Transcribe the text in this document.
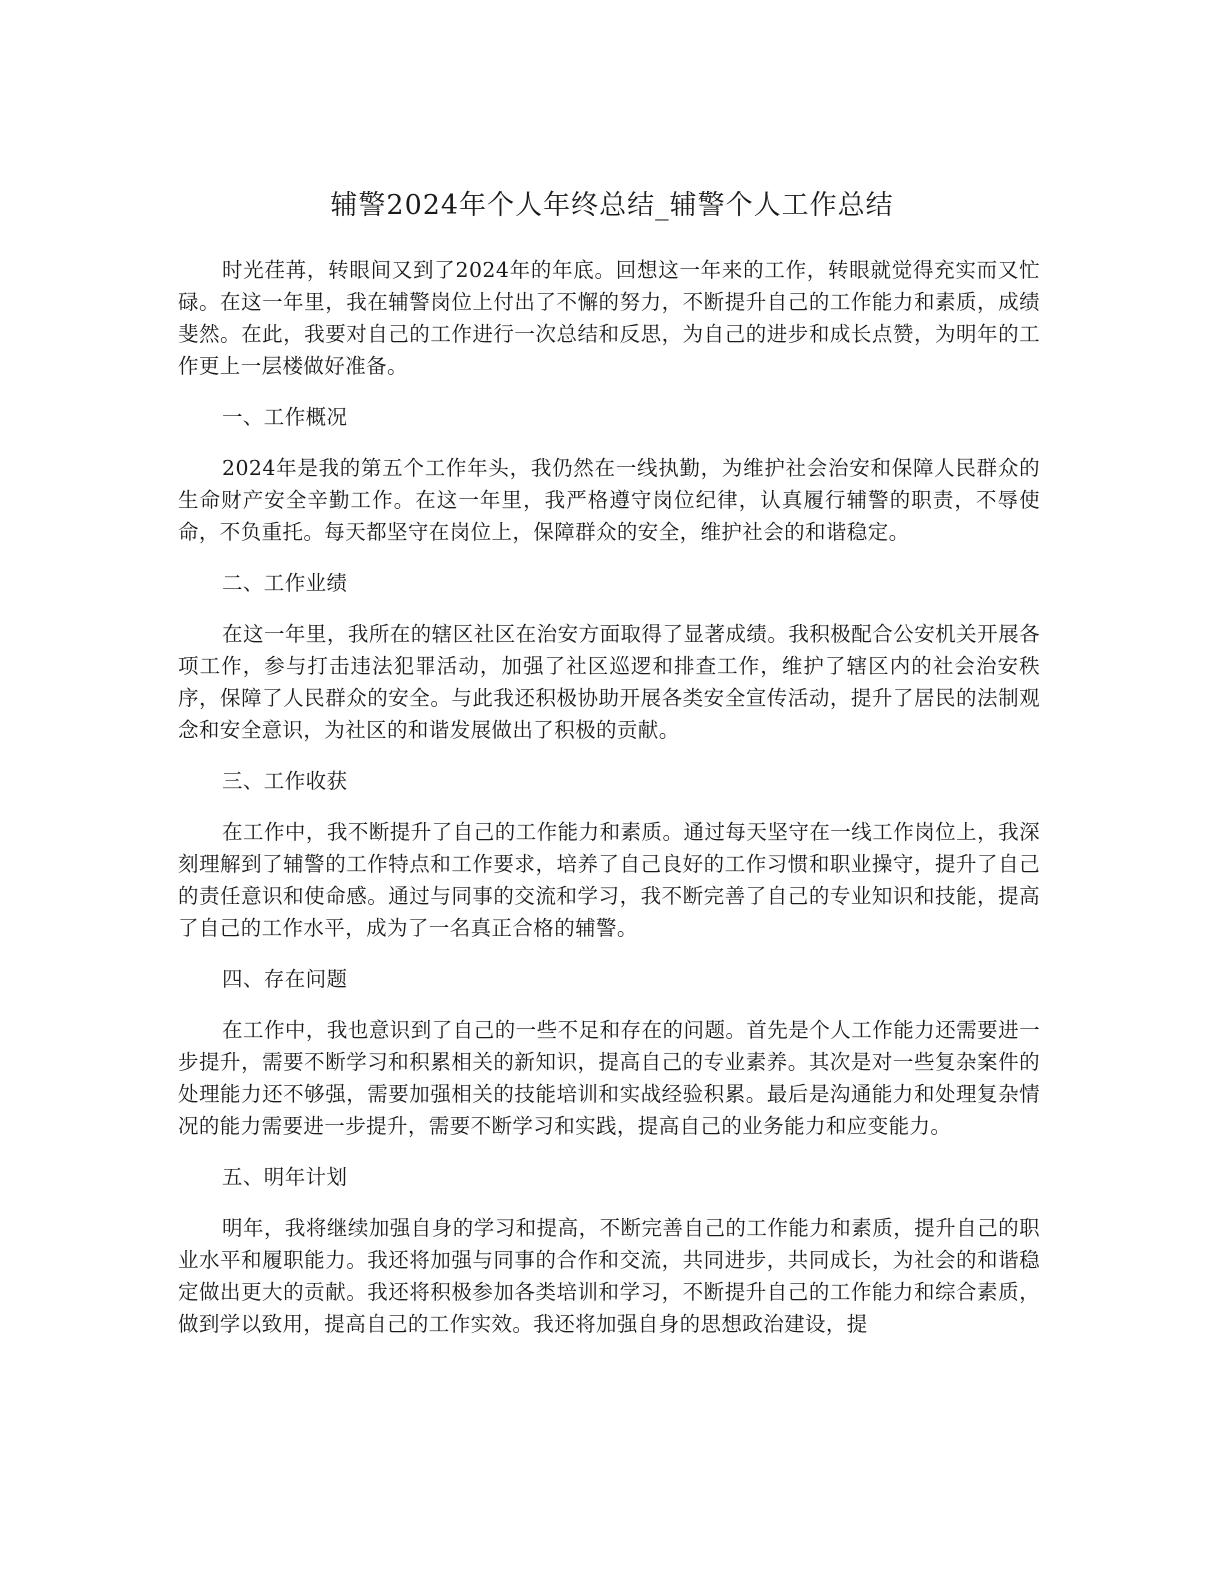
辅警2024年个人年终总结_辅警个人工作总结

时光荏苒，转眼间又到了2024年的年底。回想这一年来的工作，转眼就觉得充实而又忙碌。在这一年里，我在辅警岗位上付出了不懈的努力，不断提升自己的工作能力和素质，成绩斐然。在此，我要对自己的工作进行一次总结和反思，为自己的进步和成长点赞，为明年的工作更上一层楼做好准备。

一、工作概况

2024年是我的第五个工作年头，我仍然在一线执勤，为维护社会治安和保障人民群众的生命财产安全辛勤工作。在这一年里，我严格遵守岗位纪律，认真履行辅警的职责，不辱使命，不负重托。每天都坚守在岗位上，保障群众的安全，维护社会的和谐稳定。

二、工作业绩

在这一年里，我所在的辖区社区在治安方面取得了显著成绩。我积极配合公安机关开展各项工作，参与打击违法犯罪活动，加强了社区巡逻和排查工作，维护了辖区内的社会治安秩序，保障了人民群众的安全。与此我还积极协助开展各类安全宣传活动，提升了居民的法制观念和安全意识，为社区的和谐发展做出了积极的贡献。

三、工作收获

在工作中，我不断提升了自己的工作能力和素质。通过每天坚守在一线工作岗位上，我深刻理解到了辅警的工作特点和工作要求，培养了自己良好的工作习惯和职业操守，提升了自己的责任意识和使命感。通过与同事的交流和学习，我不断完善了自己的专业知识和技能，提高了自己的工作水平，成为了一名真正合格的辅警。

四、存在问题

在工作中，我也意识到了自己的一些不足和存在的问题。首先是个人工作能力还需要进一步提升，需要不断学习和积累相关的新知识，提高自己的专业素养。其次是对一些复杂案件的处理能力还不够强，需要加强相关的技能培训和实战经验积累。最后是沟通能力和处理复杂情况的能力需要进一步提升，需要不断学习和实践，提高自己的业务能力和应变能力。

五、明年计划

明年，我将继续加强自身的学习和提高，不断完善自己的工作能力和素质，提升自己的职业水平和履职能力。我还将加强与同事的合作和交流，共同进步，共同成长，为社会的和谐稳定做出更大的贡献。我还将积极参加各类培训和学习，不断提升自己的工作能力和综合素质，做到学以致用，提高自己的工作实效。我还将加强自身的思想政治建设，提
